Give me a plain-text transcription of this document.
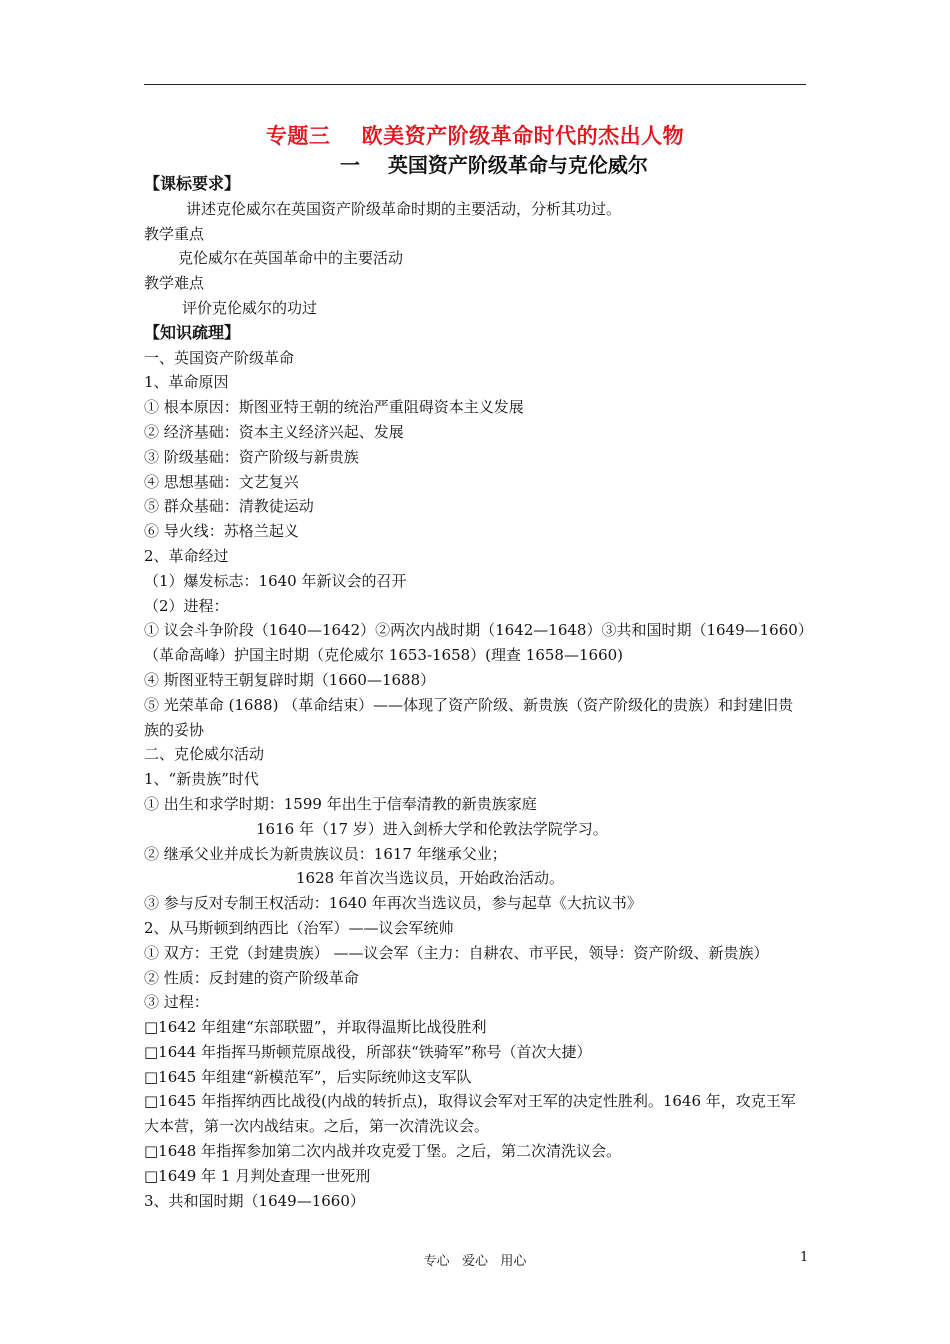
专题三    欧美资产阶级革命时代的杰出人物
一    英国资产阶级革命与克伦威尔
【课标要求】
讲述克伦威尔在英国资产阶级革命时期的主要活动，分析其功过。
教学重点
克伦威尔在英国革命中的主要活动
教学难点
评价克伦威尔的功过
【知识疏理】
一、英国资产阶级革命
1、革命原因
① 根本原因：斯图亚特王朝的统治严重阻碍资本主义发展
② 经济基础：资本主义经济兴起、发展
③ 阶级基础：资产阶级与新贵族
④ 思想基础：文艺复兴
⑤ 群众基础：清教徒运动
⑥ 导火线：苏格兰起义
2、革命经过
（1）爆发标志：1640 年新议会的召开
（2）进程：
① 议会斗争阶段（1640—1642）②两次内战时期（1642—1648）③共和国时期（1649—1660）
（革命高峰）护国主时期（克伦威尔 1653-1658）(理查 1658—1660)
④ 斯图亚特王朝复辟时期（1660—1688）
⑤ 光荣革命 (1688) （革命结束）——体现了资产阶级、新贵族（资产阶级化的贵族）和封建旧贵族的妥协
二、克伦威尔活动
1、“新贵族”时代
① 出生和求学时期：1599 年出生于信奉清教的新贵族家庭
1616 年（17 岁）进入剑桥大学和伦敦法学院学习。
② 继承父业并成长为新贵族议员：1617 年继承父业；
1628 年首次当选议员，开始政治活动。
③ 参与反对专制王权活动：1640 年再次当选议员，参与起草《大抗议书》
2、从马斯顿到纳西比（治军）——议会军统帅
① 双方：王党（封建贵族） ——议会军（主力：自耕农、市平民，领导：资产阶级、新贵族）
② 性质：反封建的资产阶级革命
③ 过程：
□1642 年组建“东部联盟”，并取得温斯比战役胜利
□1644 年指挥马斯顿荒原战役，所部获“铁骑军”称号（首次大捷）
□1645 年组建“新模范军”，后实际统帅这支军队
□1645 年指挥纳西比战役(内战的转折点)，取得议会军对王军的决定性胜利。1646 年，攻克王军大本营，第一次内战结束。之后，第一次清洗议会。
□1648 年指挥参加第二次内战并攻克爱丁堡。之后，第二次清洗议会。
□1649 年 1 月判处查理一世死刑
3、共和国时期（1649—1660）
专心   爱心   用心	1
